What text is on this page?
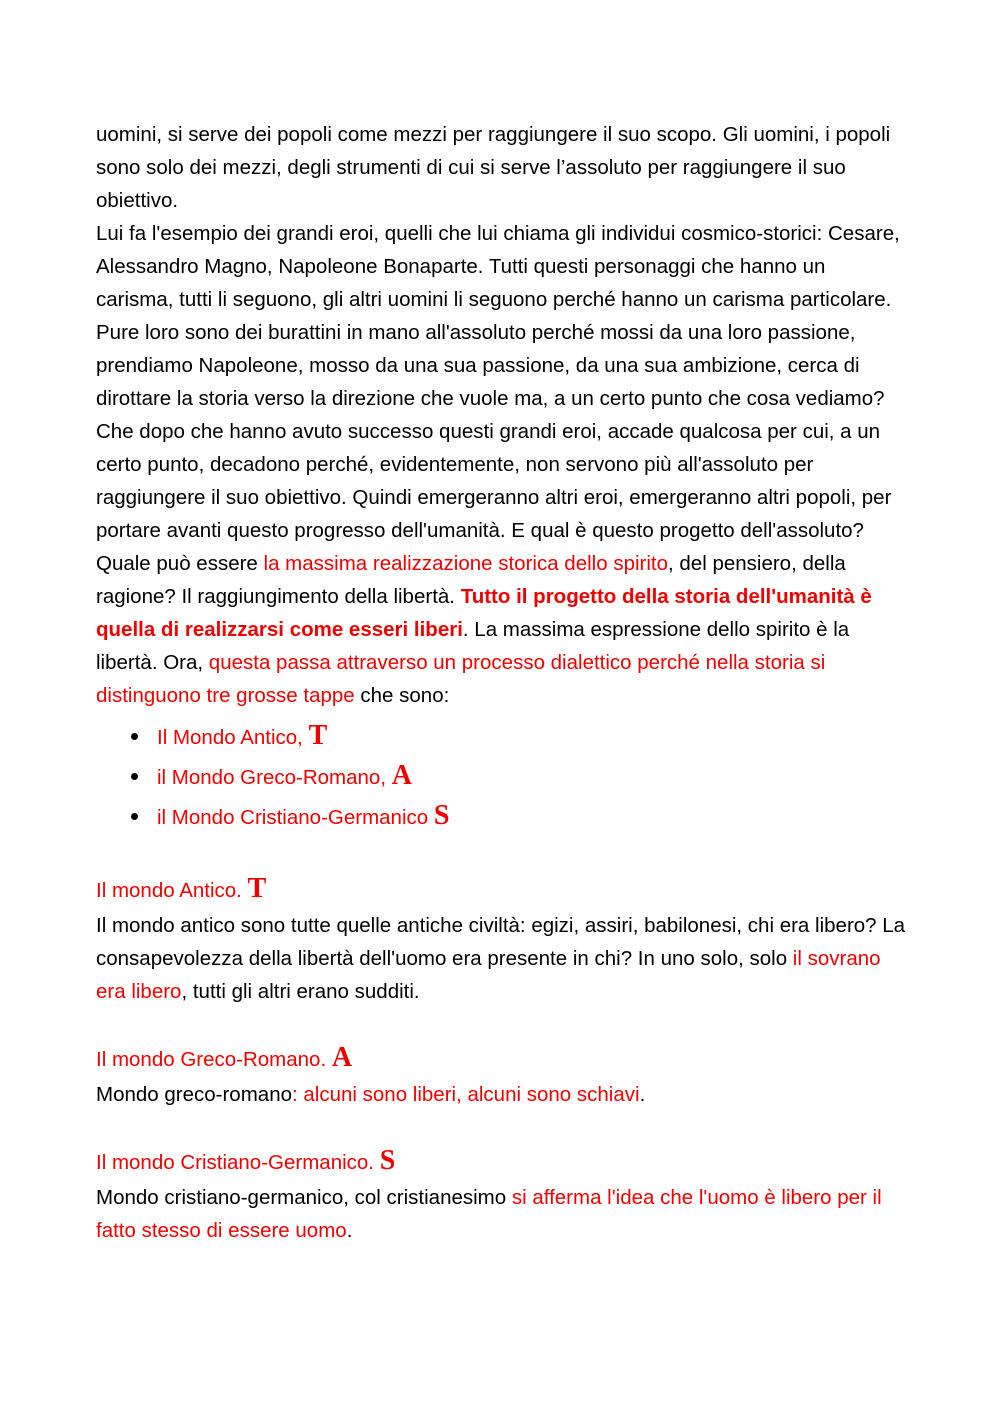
uomini, si serve dei popoli come mezzi per raggiungere il suo scopo. Gli uomini, i popoli sono solo dei mezzi, degli strumenti di cui si serve l’assoluto per raggiungere il suo obiettivo.

Lui fa l'esempio dei grandi eroi, quelli che lui chiama gli individui cosmico-storici: Cesare, Alessandro Magno, Napoleone Bonaparte. Tutti questi personaggi che hanno un carisma, tutti li seguono, gli altri uomini li seguono perché hanno un carisma particolare. Pure loro sono dei burattini in mano all'assoluto perché mossi da una loro passione, prendiamo Napoleone, mosso da una sua passione, da una sua ambizione, cerca di dirottare la storia verso la direzione che vuole ma, a un certo punto che cosa vediamo? Che dopo che hanno avuto successo questi grandi eroi, accade qualcosa per cui, a un certo punto, decadono perché, evidentemente, non servono più all'assoluto per raggiungere il suo obiettivo. Quindi emergeranno altri eroi, emergeranno altri popoli, per portare avanti questo progresso dell'umanità. E qual è questo progetto dell'assoluto? Quale può essere la massima realizzazione storica dello spirito, del pensiero, della ragione? Il raggiungimento della libertà. Tutto il progetto della storia dell'umanità è quella di realizzarsi come esseri liberi. La massima espressione dello spirito è la libertà. Ora, questa passa attraverso un processo dialettico perché nella storia si distinguono tre grosse tappe che sono:

Il Mondo Antico, T
il Mondo Greco-Romano, A
il Mondo Cristiano-Germanico S

Il mondo Antico. T

Il mondo antico sono tutte quelle antiche civiltà: egizi, assiri, babilonesi, chi era libero? La consapevolezza della libertà dell'uomo era presente in chi? In uno solo, solo il sovrano era libero, tutti gli altri erano sudditi.

Il mondo Greco-Romano. A

Mondo greco-romano: alcuni sono liberi, alcuni sono schiavi.

Il mondo Cristiano-Germanico. S

Mondo cristiano-germanico, col cristianesimo si afferma l'idea che l'uomo è libero per il fatto stesso di essere uomo.
